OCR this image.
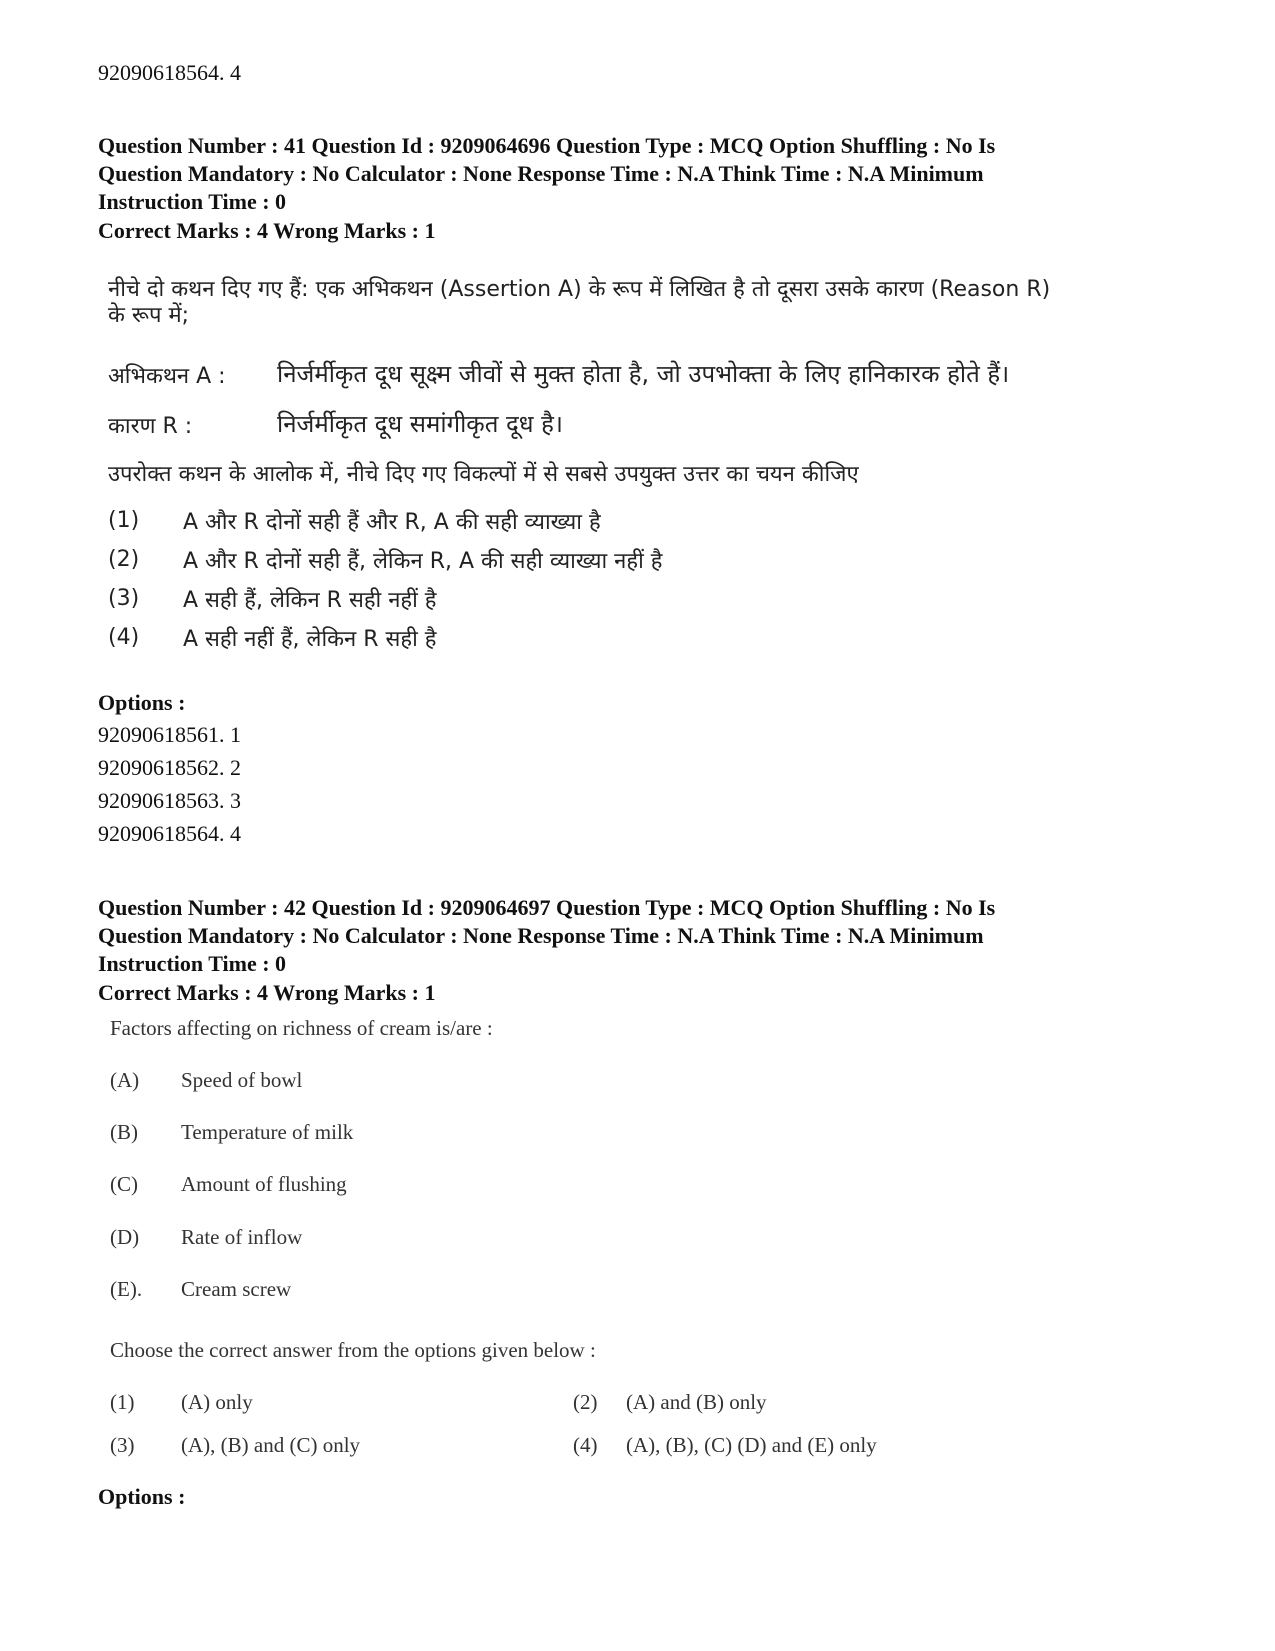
92090618564. 4
Question Number : 41 Question Id : 9209064696 Question Type : MCQ Option Shuffling : No Is
Question Mandatory : No Calculator : None Response Time : N.A Think Time : N.A Minimum
Instruction Time : 0
Correct Marks : 4 Wrong Marks : 1
नीचे दो कथन दिए गए हैं: एक अभिकथन (Assertion A) के रूप में लिखित है तो दूसरा उसके कारण (Reason R)
के रूप में;
अभिकथन A : निर्जर्मीकृत दूध सूक्ष्म जीवों से मुक्त होता है, जो उपभोक्ता के लिए हानिकारक होते हैं।
कारण R :	निर्जर्मीकृत दूध समांगीकृत दूध है।
उपरोक्त कथन के आलोक में, नीचे दिए गए विकल्पों में से सबसे उपयुक्त उत्तर का चयन कीजिए
(1) A और R दोनों सही हैं और R, A की सही व्याख्या है
(2) A और R दोनों सही हैं, लेकिन R, A की सही व्याख्या नहीं है
(3) A सही हैं, लेकिन R सही नहीं है
(4) A सही नहीं हैं, लेकिन R सही है
Options :
92090618561. 1
92090618562. 2
92090618563. 3
92090618564. 4
Question Number : 42 Question Id : 9209064697 Question Type : MCQ Option Shuffling : No Is
Question Mandatory : No Calculator : None Response Time : N.A Think Time : N.A Minimum
Instruction Time : 0
Correct Marks : 4 Wrong Marks : 1
Factors affecting on richness of cream is/are :
(A) Speed of bowl
(B) Temperature of milk
(C) Amount of flushing
(D) Rate of inflow
(E). Cream screw
Choose the correct answer from the options given below :
(1) (A) only	(2) (A) and (B) only
(3) (A), (B) and (C) only	(4) (A), (B), (C) (D) and (E) only
Options :
